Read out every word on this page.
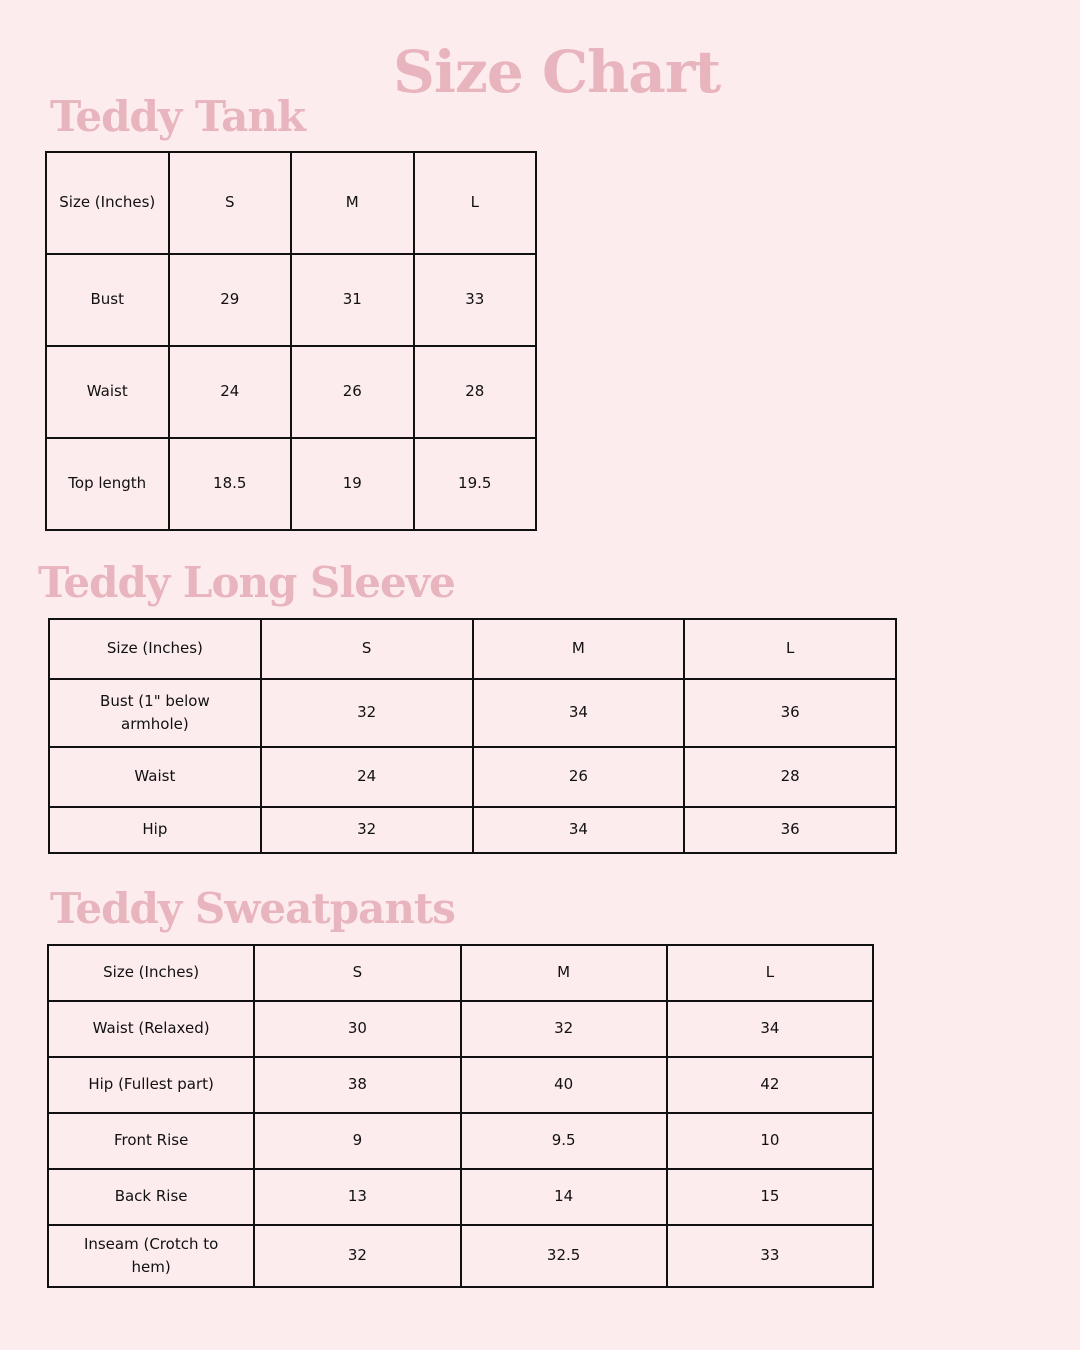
Size Chart
Teddy Tank
Size (Inches)	S	M	L
Bust	29	31	33
Waist	24	26	28
Top length	18.5	19	19.5
Teddy Long Sleeve
Size (Inches)	S	M	L
Bust (1" below armhole)	32	34	36
Waist	24	26	28
Hip	32	34	36
Teddy Sweatpants
Size (Inches)	S	M	L
Waist (Relaxed)	30	32	34
Hip (Fullest part)	38	40	42
Front Rise	9	9.5	10
Back Rise	13	14	15
Inseam (Crotch to hem)	32	32.5	33
